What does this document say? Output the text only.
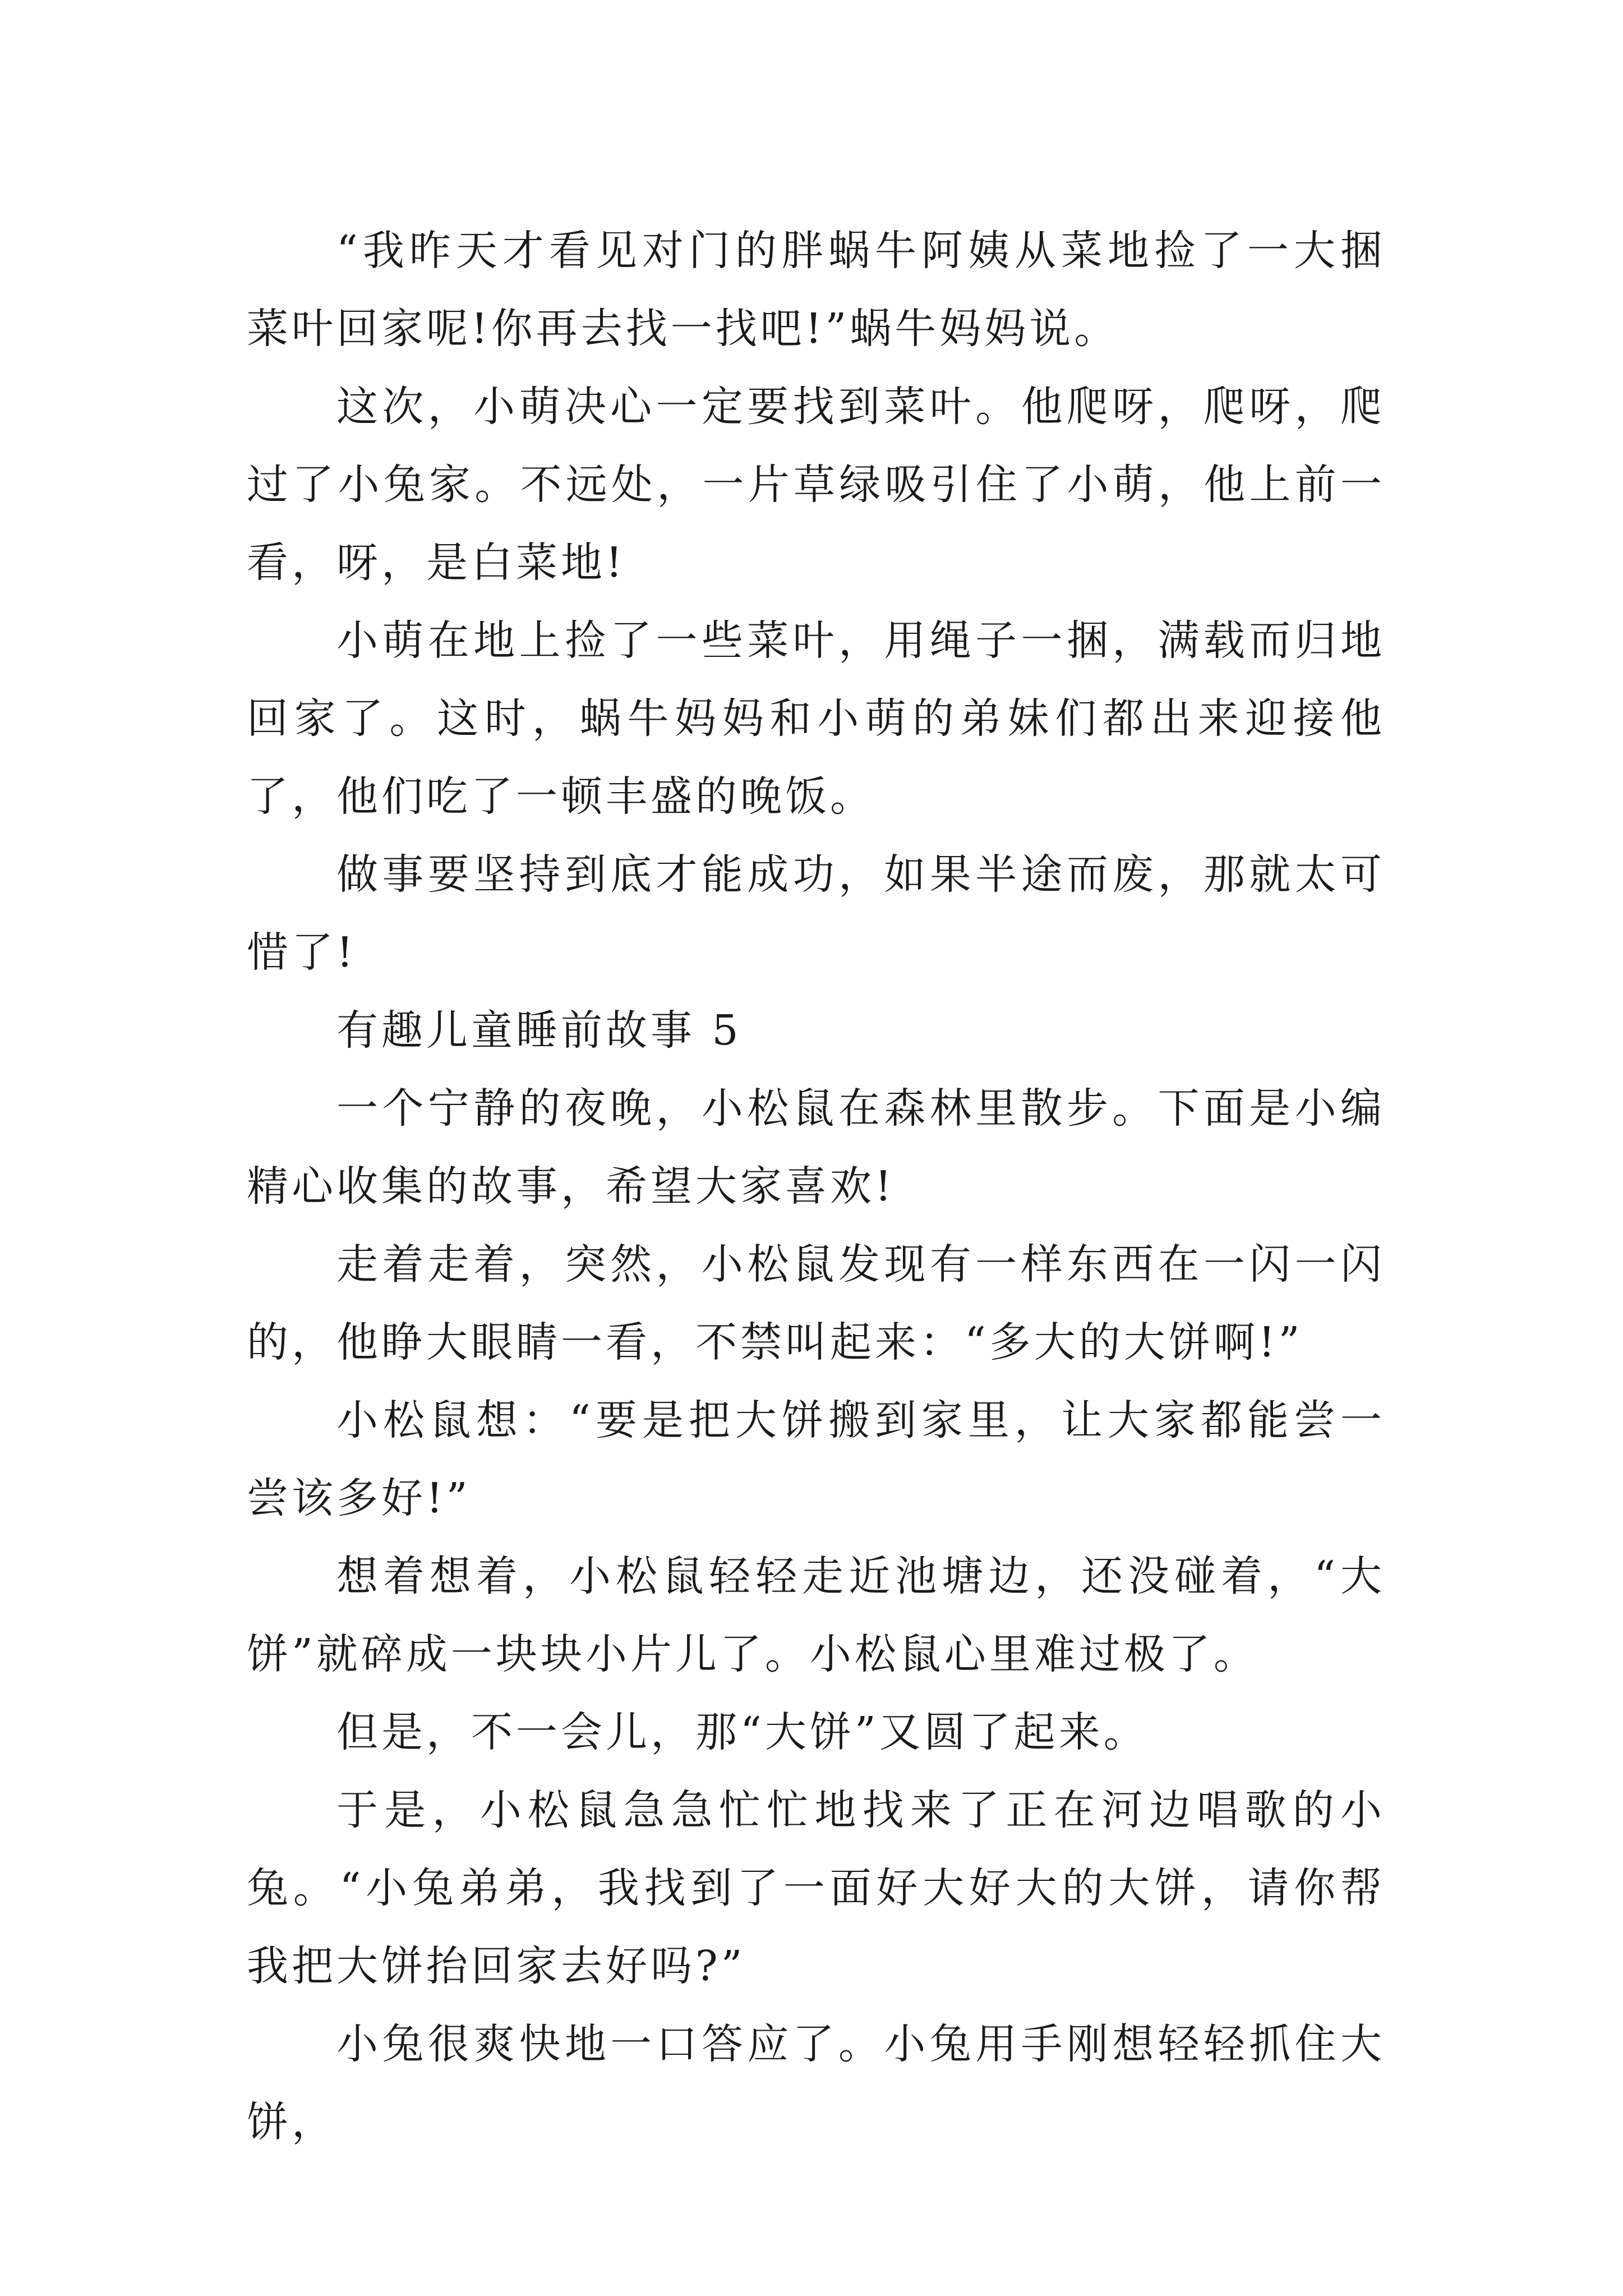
“我昨天才看见对门的胖蜗牛阿姨从菜地捡了一大捆菜叶回家呢!你再去找一找吧!”蜗牛妈妈说。

这次，小萌决心一定要找到菜叶。他爬呀，爬呀，爬过了小兔家。不远处，一片草绿吸引住了小萌，他上前一看，呀，是白菜地!

小萌在地上捡了一些菜叶，用绳子一捆，满载而归地回家了。这时，蜗牛妈妈和小萌的弟妹们都出来迎接他了，他们吃了一顿丰盛的晚饭。

做事要坚持到底才能成功，如果半途而废，那就太可惜了!

有趣儿童睡前故事 5

一个宁静的夜晚，小松鼠在森林里散步。下面是小编精心收集的故事，希望大家喜欢!

走着走着，突然，小松鼠发现有一样东西在一闪一闪的，他睁大眼睛一看，不禁叫起来：“多大的大饼啊!”

小松鼠想：“要是把大饼搬到家里，让大家都能尝一尝该多好!”

想着想着，小松鼠轻轻走近池塘边，还没碰着，“大饼”就碎成一块块小片儿了。小松鼠心里难过极了。

但是，不一会儿，那“大饼”又圆了起来。

于是，小松鼠急急忙忙地找来了正在河边唱歌的小兔。“小兔弟弟，我找到了一面好大好大的大饼，请你帮我把大饼抬回家去好吗?”

小兔很爽快地一口答应了。小兔用手刚想轻轻抓住大饼，
